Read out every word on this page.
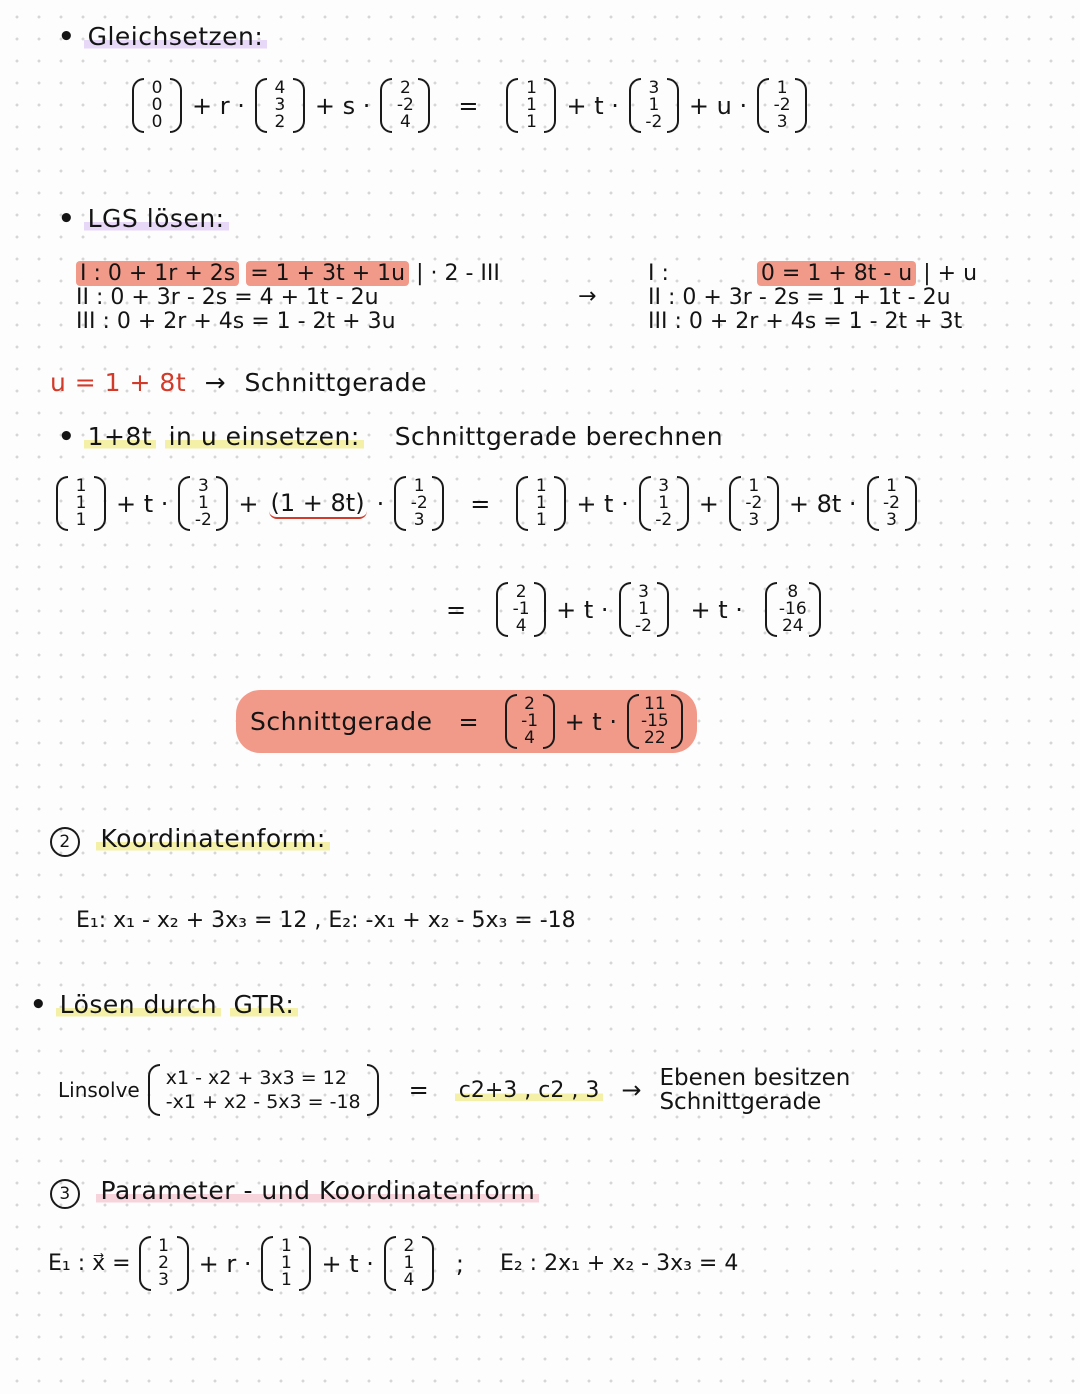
• Gleichsetzen:
0
0
0
+ r ·
4
3
2
+ s ·
2
-2
4
=
1
1
1
+ t ·
3
1
-2
+ u ·
1
-2
3
• LGS lösen:
I : 0 + 1r + 2s = 1 + 3t + 1u | · 2 - III
II : 0 + 3r - 2s = 4 + 1t - 2u
III : 0 + 2r + 4s = 1 - 2t + 3u
→
I :	0 = 1 + 8t - u | + u
II : 0 + 3r - 2s = 1 + 1t - 2u
III : 0 + 2r + 4s = 1 - 2t + 3t
u = 1 + 8t → Schnittgerade
• 1+8t in u einsetzen: Schnittgerade berechnen
1
1
1
+ t ·
3
1
-2
+ (1 + 8t) ·
1
-2
3
=
1
1
1
+ t ·
3
1
-2
+
1
-2
3
+ 8t ·
1
-2
3
=
2
-1
4
+ t ·
3
1
-2
+ t ·
8
-16
24
Schnittgerade	=
2
-1
4
+ t ·
11
-15
22
2 Koordinatenform:
E₁: x₁ - x₂ + 3x₃ = 12 , E₂: -x₁ + x₂ - 5x₃ = -18
• Lösen durch GTR:
Linsolve x1 - x2 + 3x3 = 12
-x1 + x2 - 5x3 = -18	=	c2+3 , c2 , 3 → Ebenen besitzen
Schnittgerade
3 Parameter - und Koordinatenform
E₁ : x⃗ =
1
2
3
+ r ·
1
1
1
+ t ·
2
1
4
;	E₂ : 2x₁ + x₂ - 3x₃ = 4
